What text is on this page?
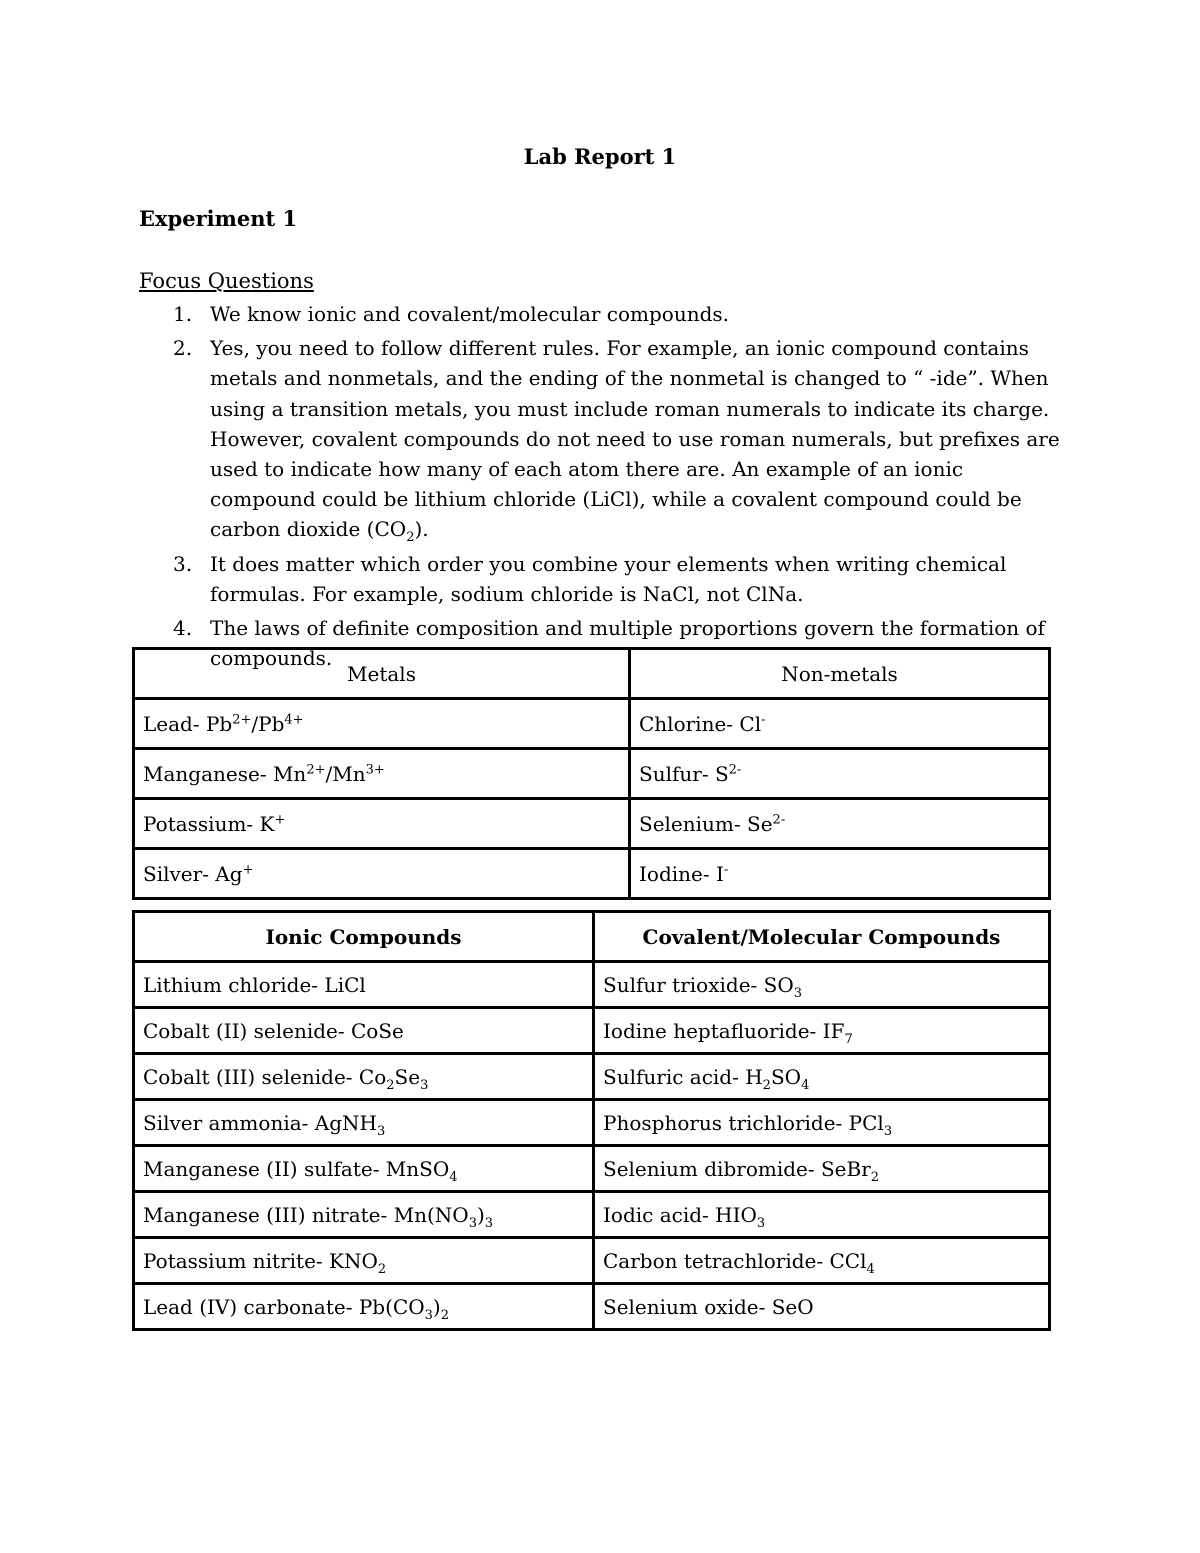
Lab Report 1
Experiment 1
Focus Questions
1. We know ionic and covalent/molecular compounds.
2. Yes, you need to follow different rules. For example, an ionic compound contains metals and nonmetals, and the ending of the nonmetal is changed to “ -ide”. When using a transition metals, you must include roman numerals to indicate its charge. However, covalent compounds do not need to use roman numerals, but prefixes are used to indicate how many of each atom there are. An example of an ionic compound could be lithium chloride (LiCl), while a covalent compound could be carbon dioxide $(CO_2)$.
3. It does matter which order you combine your elements when writing chemical formulas. For example, sodium chloride is NaCl, not ClNa.
4. The laws of definite composition and multiple proportions govern the formation of compounds.
Metals	Non-metals
Lead- $Pb^{2+}/Pb^{4+}$	Chlorine- Cl-
Manganese- $Mn^{2+}/Mn^{3+}$	Sulfur- $S^{2-}$
Potassium- K+	Selenium- $Se^{2-}$
Silver- Ag+	Iodine- I-
Ionic Compounds	Covalent/Molecular Compounds
Lithium chloride- LiCl	Sulfur trioxide- $SO_3$
Cobalt (II) selenide- CoSe	Iodine heptafluoride- $IF_7$
Cobalt (III) selenide- $Co_2Se_3$	Sulfuric acid- $H_2SO_4$
Silver ammonia- AgNH$_3$	Phosphorus trichloride- PCl$_3$
Manganese (II) sulfate- MnSO$_4$	Selenium dibromide- SeBr$_2$
Manganese (III) nitrate- $Mn(NO_3)_3$	Iodic acid- $HIO_3$
Potassium nitrite- $KNO_2$	Carbon tetrachloride- CCl$_4$
Lead (IV) carbonate- $Pb(CO_3)_2$	Selenium oxide- SeO
